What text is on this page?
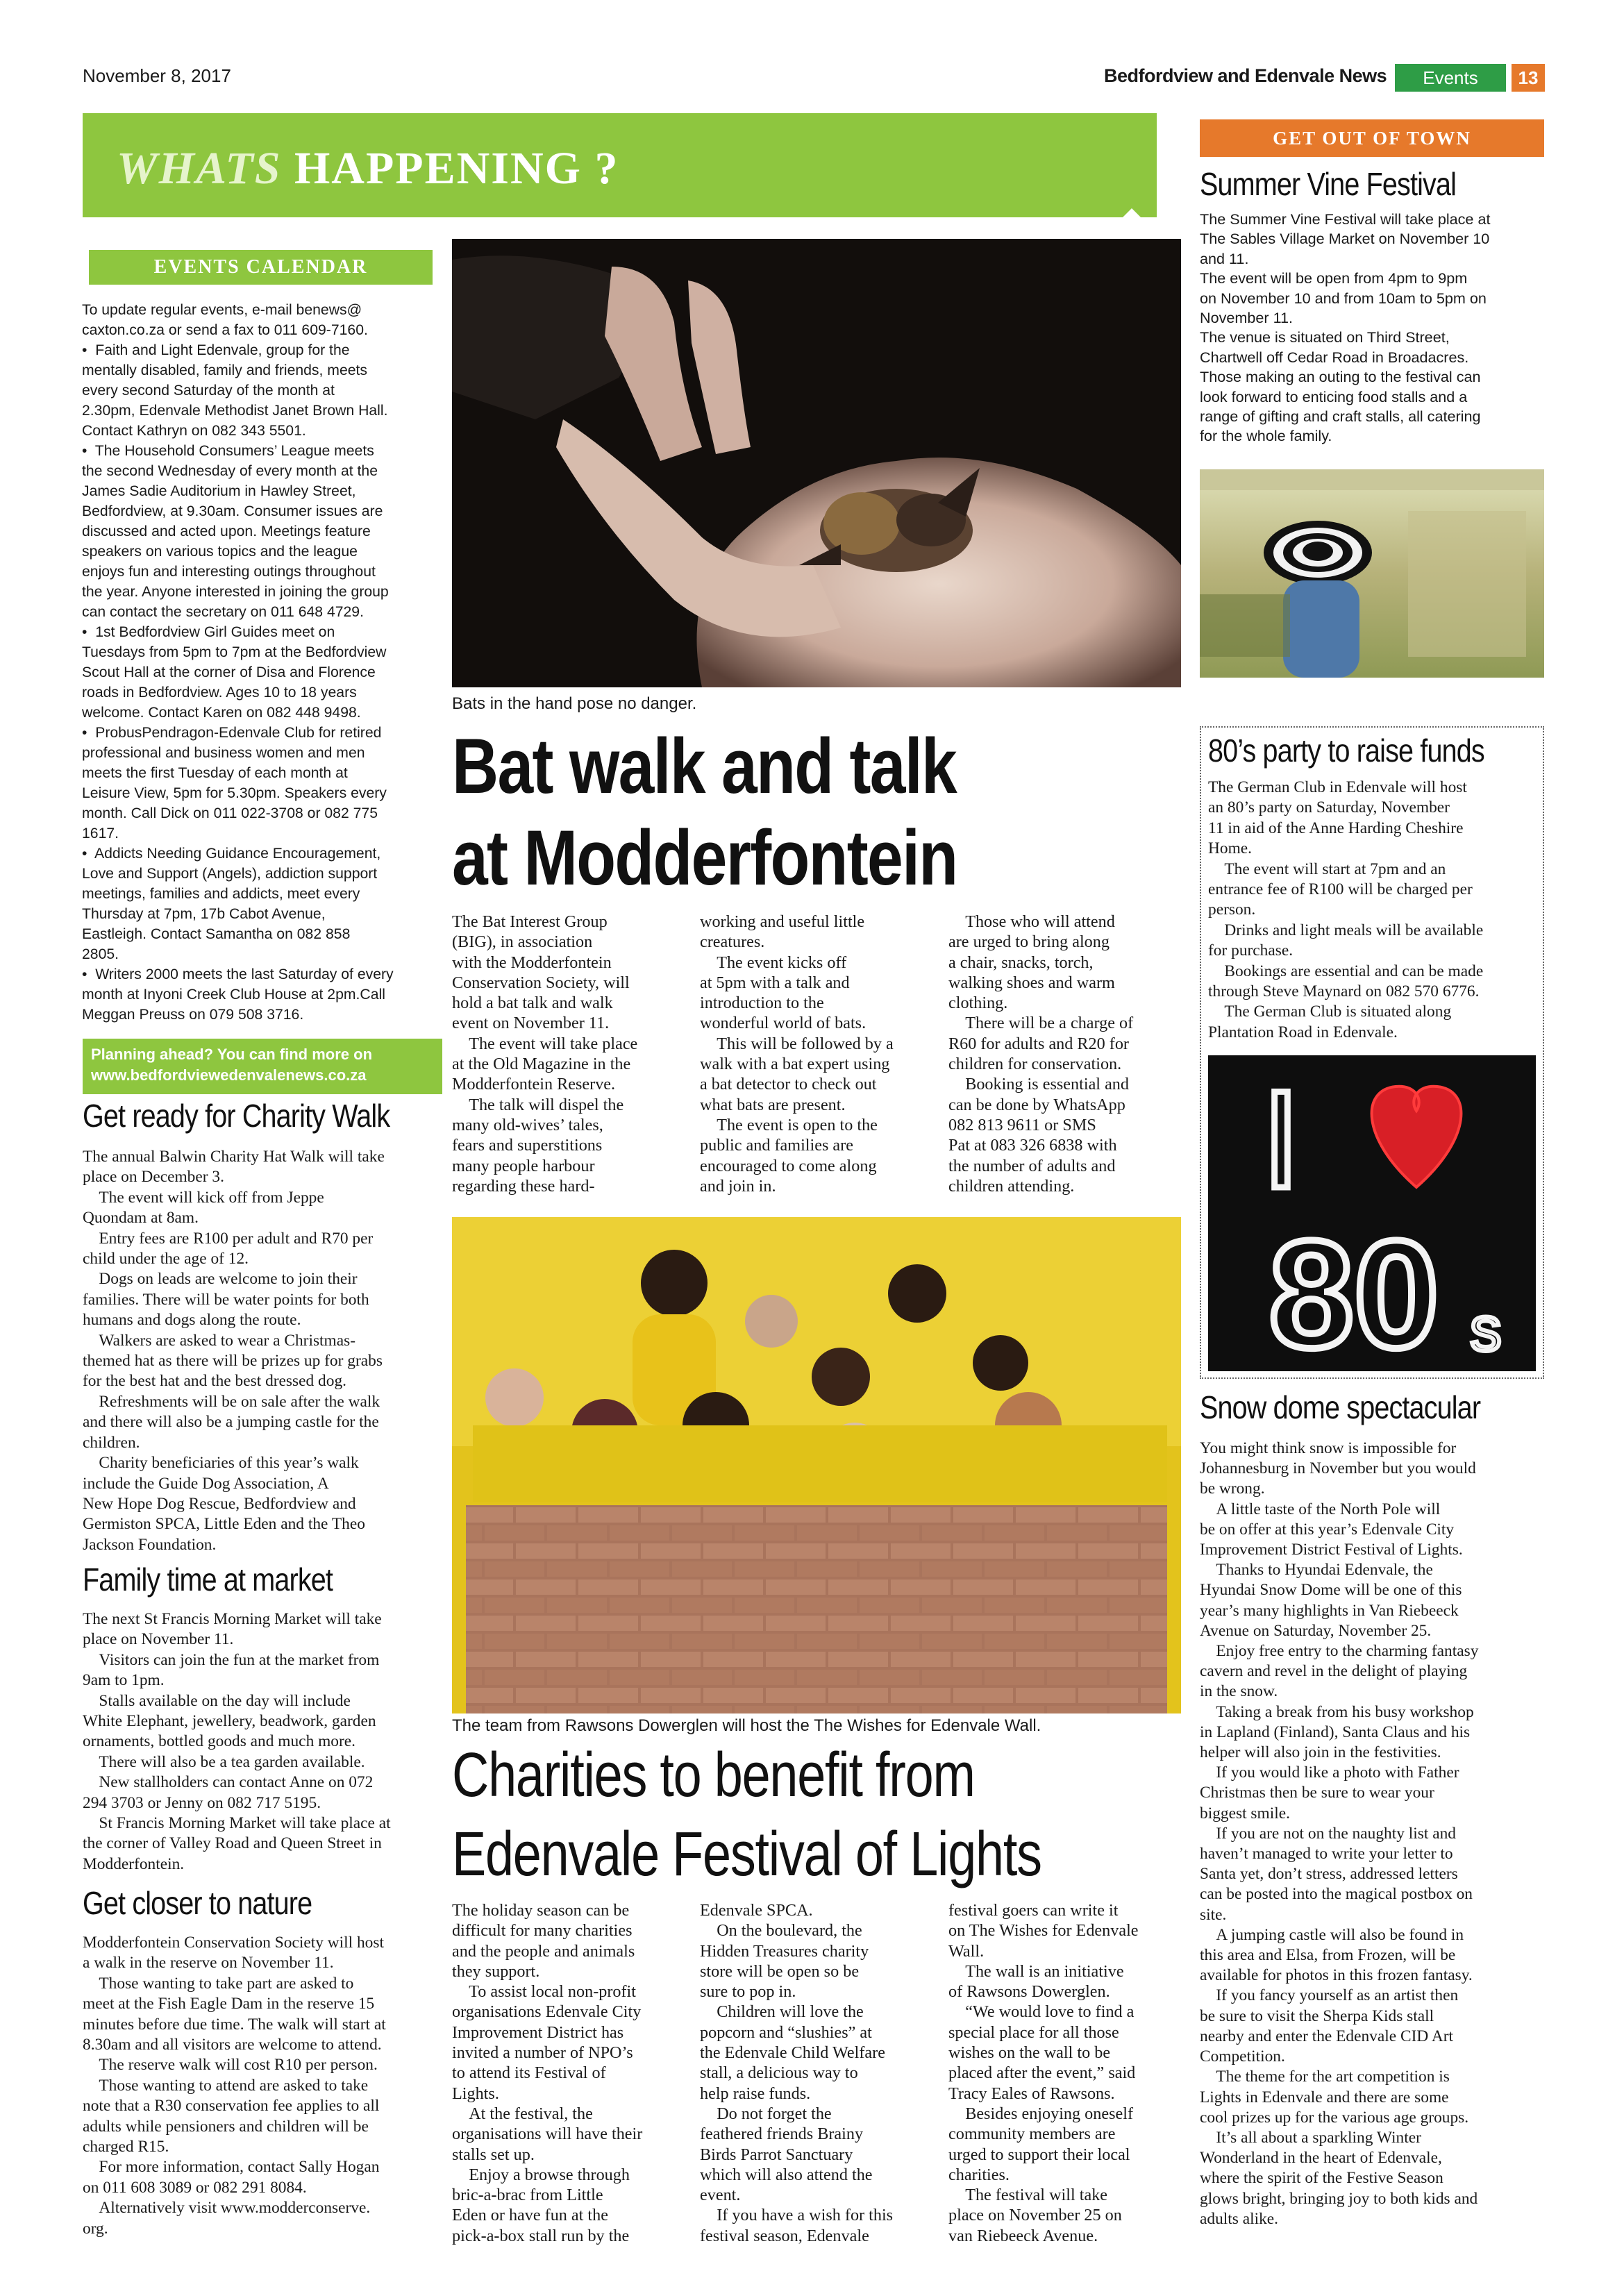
November 8, 2017	Bedfordview and Edenvale News	Events	13
WHATS HAPPENING ?
EVENTS CALENDAR
To update regular events, e-mail benews@
caxton.co.za or send a fax to 011 609-7160.
•  Faith and Light Edenvale, group for the
mentally disabled, family and friends, meets
every second Saturday of the month at
2.30pm, Edenvale Methodist Janet Brown Hall.
Contact Kathryn on 082 343 5501.
•  The Household Consumers’ League meets
the second Wednesday of every month at the
James Sadie Auditorium in Hawley Street,
Bedfordview, at 9.30am. Consumer issues are
discussed and acted upon. Meetings feature
speakers on various topics and the league
enjoys fun and interesting outings throughout
the year. Anyone interested in joining the group
can contact the secretary on 011 648 4729.
•  1st Bedfordview Girl Guides meet on
Tuesdays from 5pm to 7pm at the Bedfordview
Scout Hall at the corner of Disa and Florence
roads in Bedfordview. Ages 10 to 18 years
welcome. Contact Karen on 082 448 9498.
•  ProbusPendragon-Edenvale Club for retired
professional and business women and men
meets the first Tuesday of each month at
Leisure View, 5pm for 5.30pm. Speakers every
month. Call Dick on 011 022-3708 or 082 775
1617.
•  Addicts Needing Guidance Encouragement,
Love and Support (Angels), addiction support
meetings, families and addicts, meet every
Thursday at 7pm, 17b Cabot Avenue,
Eastleigh. Contact Samantha on 082 858
2805.
•  Writers 2000 meets the last Saturday of every
month at Inyoni Creek Club House at 2pm.Call
Meggan Preuss on 079 508 3716.
Planning ahead? You can find more on
www.bedfordviewedenvalenews.co.za
Get ready for Charity Walk
The annual Balwin Charity Hat Walk will take
place on December 3.
The event will kick off from Jeppe
Quondam at 8am.
Entry fees are R100 per adult and R70 per
child under the age of 12.
Dogs on leads are welcome to join their
families. There will be water points for both
humans and dogs along the route.
Walkers are asked to wear a Christmas-
themed hat as there will be prizes up for grabs
for the best hat and the best dressed dog.
Refreshments will be on sale after the walk
and there will also be a jumping castle for the
children.
Charity beneficiaries of this year’s walk
include the Guide Dog Association, A
New Hope Dog Rescue, Bedfordview and
Germiston SPCA, Little Eden and the Theo
Jackson Foundation.
Family time at market
The next St Francis Morning Market will take
place on November 11.
Visitors can join the fun at the market from
9am to 1pm.
Stalls available on the day will include
White Elephant, jewellery, beadwork, garden
ornaments, bottled goods and much more.
There will also be a tea garden available.
New stallholders can contact Anne on 072
294 3703 or Jenny on 082 717 5195.
St Francis Morning Market will take place at
the corner of Valley Road and Queen Street in
Modderfontein.
Get closer to nature
Modderfontein Conservation Society will host
a walk in the reserve on November 11.
Those wanting to take part are asked to
meet at the Fish Eagle Dam in the reserve 15
minutes before due time. The walk will start at
8.30am and all visitors are welcome to attend.
The reserve walk will cost R10 per person.
Those wanting to attend are asked to take
note that a R30 conservation fee applies to all
adults while pensioners and children will be
charged R15.
For more information, contact Sally Hogan
on 011 608 3089 or 082 291 8084.
Alternatively visit www.modderconserve.
org.
Bats in the hand pose no danger.
Bat walk and talk
at Modderfontein
The Bat Interest Group
(BIG), in association
with the Modderfontein
Conservation Society, will
hold a bat talk and walk
event on November 11.
The event will take place
at the Old Magazine in the
Modderfontein Reserve.
The talk will dispel the
many old-wives’ tales,
fears and superstitions
many people harbour
regarding these hard-
working and useful little
creatures.
The event kicks off
at 5pm with a talk and
introduction to the
wonderful world of bats.
This will be followed by a
walk with a bat expert using
a bat detector to check out
what bats are present.
The event is open to the
public and families are
encouraged to come along
and join in.
Those who will attend
are urged to bring along
a chair, snacks, torch,
walking shoes and warm
clothing.
There will be a charge of
R60 for adults and R20 for
children for conservation.
Booking is essential and
can be done by WhatsApp
082 813 9611 or SMS
Pat at 083 326 6838 with
the number of adults and
children attending.
The team from Rawsons Dowerglen will host the The Wishes for Edenvale Wall.
Charities to benefit from
Edenvale Festival of Lights
The holiday season can be
difficult for many charities
and the people and animals
they support.
To assist local non-profit
organisations Edenvale City
Improvement District has
invited a number of NPO’s
to attend its Festival of
Lights.
At the festival, the
organisations will have their
stalls set up.
Enjoy a browse through
bric-a-brac from Little
Eden or have fun at the
pick-a-box stall run by the
Edenvale SPCA.
On the boulevard, the
Hidden Treasures charity
store will be open so be
sure to pop in.
Children will love the
popcorn and “slushies” at
the Edenvale Child Welfare
stall, a delicious way to
help raise funds.
Do not forget the
feathered friends Brainy
Birds Parrot Sanctuary
which will also attend the
event.
If you have a wish for this
festival season, Edenvale
festival goers can write it
on The Wishes for Edenvale
Wall.
The wall is an initiative
of Rawsons Dowerglen.
“We would love to find a
special place for all those
wishes on the wall to be
placed after the event,” said
Tracy Eales of Rawsons.
Besides enjoying oneself
community members are
urged to support their local
charities.
The festival will take
place on November 25 on
van Riebeeck Avenue.
GET OUT OF TOWN
Summer Vine Festival
The Summer Vine Festival will take place at
The Sables Village Market on November 10
and 11.
The event will be open from 4pm to 9pm
on November 10 and from 10am to 5pm on
November 11.
The venue is situated on Third Street,
Chartwell off Cedar Road in Broadacres.
Those making an outing to the festival can
look forward to enticing food stalls and a
range of gifting and craft stalls, all catering
for the whole family.
80’s party to raise funds
The German Club in Edenvale will host
an 80’s party on Saturday, November
11 in aid of the Anne Harding Cheshire
Home.
The event will start at 7pm and an
entrance fee of R100 will be charged per
person.
Drinks and light meals will be available
for purchase.
Bookings are essential and can be made
through Steve Maynard on 082 570 6776.
The German Club is situated along
Plantation Road in Edenvale.
I
80 s
Snow dome spectacular
You might think snow is impossible for
Johannesburg in November but you would
be wrong.
A little taste of the North Pole will
be on offer at this year’s Edenvale City
Improvement District Festival of Lights.
Thanks to Hyundai Edenvale, the
Hyundai Snow Dome will be one of this
year’s many highlights in Van Riebeeck
Avenue on Saturday, November 25.
Enjoy free entry to the charming fantasy
cavern and revel in the delight of playing
in the snow.
Taking a break from his busy workshop
in Lapland (Finland), Santa Claus and his
helper will also join in the festivities.
If you would like a photo with Father
Christmas then be sure to wear your
biggest smile.
If you are not on the naughty list and
haven’t managed to write your letter to
Santa yet, don’t stress, addressed letters
can be posted into the magical postbox on
site.
A jumping castle will also be found in
this area and Elsa, from Frozen, will be
available for photos in this frozen fantasy.
If you fancy yourself as an artist then
be sure to visit the Sherpa Kids stall
nearby and enter the Edenvale CID Art
Competition.
The theme for the art competition is
Lights in Edenvale and there are some
cool prizes up for the various age groups.
It’s all about a sparkling Winter
Wonderland in the heart of Edenvale,
where the spirit of the Festive Season
glows bright, bringing joy to both kids and
adults alike.
